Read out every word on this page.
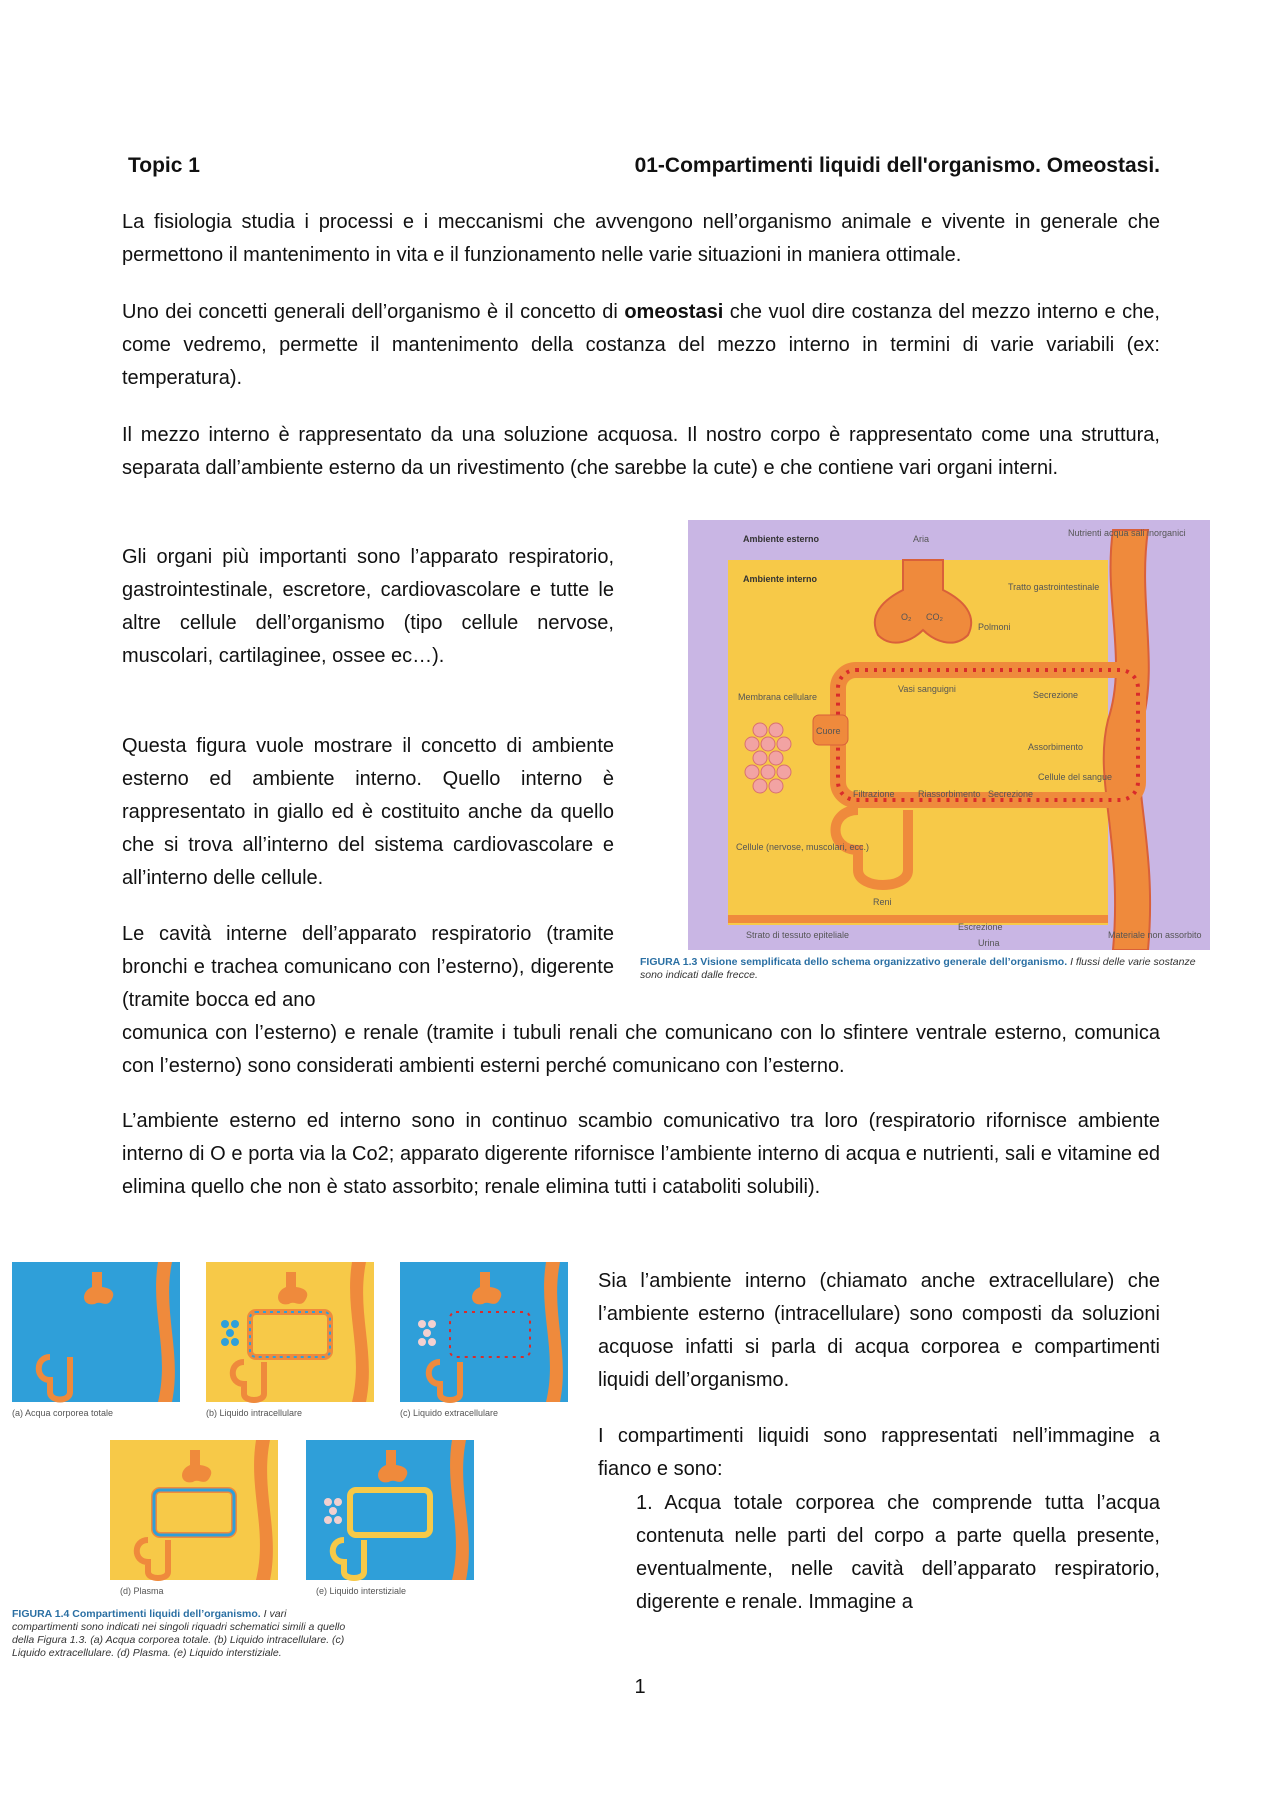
Topic 1	01-Compartimenti liquidi dell'organismo. Omeostasi.

La fisiologia studia i processi e i meccanismi che avvengono nell’organismo animale e vivente in generale che permettono il mantenimento in vita e il funzionamento nelle varie situazioni in maniera ottimale.

Uno dei concetti generali dell’organismo è il concetto di omeostasi che vuol dire costanza del mezzo interno e che, come vedremo, permette il mantenimento della costanza del mezzo interno in termini di varie variabili (ex: temperatura).

Il mezzo interno è rappresentato da una soluzione acquosa. Il nostro corpo è rappresentato come una struttura, separata dall’ambiente esterno da un rivestimento (che sarebbe la cute) e che contiene vari organi interni.

Gli organi più importanti sono l’apparato respiratorio, gastrointestinale, escretore, cardiovascolare e tutte le altre cellule dell’organismo (tipo cellule nervose, muscolari, cartilaginee, ossee ec…).

Questa figura vuole mostrare il concetto di ambiente esterno ed ambiente interno. Quello interno è rappresentato in giallo ed è costituito anche da quello che si trova all’interno del sistema cardiovascolare e all’interno delle cellule.

Le cavità interne dell’apparato respiratorio (tramite bronchi e trachea comunicano con l’esterno), digerente (tramite bocca ed ano

comunica con l’esterno) e renale (tramite i tubuli renali che comunicano con lo sfintere ventrale esterno, comunica con l’esterno) sono considerati ambienti esterni perché comunicano con l’esterno.

L’ambiente esterno ed interno sono in continuo scambio comunicativo tra loro (respiratorio rifornisce ambiente interno di O e porta via la Co2; apparato digerente rifornisce l’ambiente interno di acqua e nutrienti, sali e vitamine ed elimina quello che non è stato assorbito; renale elimina tutti i cataboliti solubili).

Sia l’ambiente interno (chiamato anche extracellulare) che l’ambiente esterno (intracellulare) sono composti da soluzioni acquose infatti si parla di acqua corporea e compartimenti liquidi dell’organismo.

I compartimenti liquidi sono rappresentati nell’immagine a fianco e sono:

1. Acqua totale corporea che comprende tutta l’acqua contenuta nelle parti del corpo a parte quella presente, eventualmente, nelle cavità dell’apparato respiratorio, digerente e renale. Immagine a

Ambiente esterno
Ambiente interno
Aria
Nutrienti acqua sali inorganici
O₂ CO₂
Polmoni
Tratto gastrointestinale
Vasi sanguigni
Membrana cellulare
Cuore
Secrezione
Assorbimento
Cellule del sangue
Filtrazione	Riassorbimento Secrezione
Cellule (nervose, muscolari, ecc.)
Reni
Strato di tessuto epiteliale
Escrezione
Urina
Materiale non assorbito
FIGURA 1.3 Visione semplificata dello schema organizzativo generale dell’organismo. I flussi delle varie sostanze sono indicati dalle frecce.
(a) Acqua corporea totale	(b) Liquido intracellulare	(c) Liquido extracellulare
(d) Plasma	(e) Liquido interstiziale
FIGURA 1.4 Compartimenti liquidi dell’organismo. I vari compartimenti sono indicati nei singoli riquadri schematici simili a quello della Figura 1.3. (a) Acqua corporea totale. (b) Liquido intracellulare. (c) Liquido extracellulare. (d) Plasma. (e) Liquido interstiziale.
1
